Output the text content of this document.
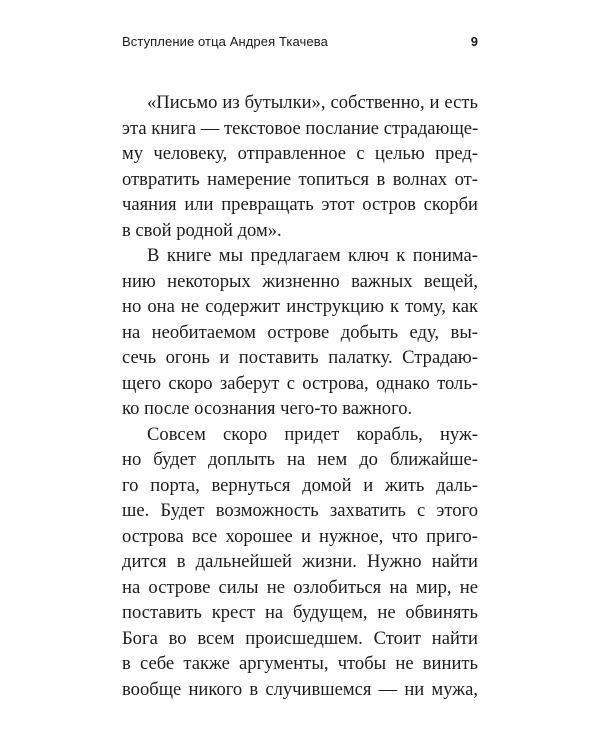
Вступление отца Андрея Ткачева	9
«Письмо из бутылки», собственно, и есть
эта книга — текстовое послание страдающе-
му человеку, отправленное с целью пред-
отвратить намерение топиться в волнах от-
чаяния или превращать этот остров скорби
в свой родной дом».
В книге мы предлагаем ключ к понима-
нию некоторых жизненно важных вещей,
но она не содержит инструкцию к тому, как
на необитаемом острове добыть еду, вы-
сечь огонь и поставить палатку. Страдаю-
щего скоро заберут с острова, однако толь-
ко после осознания чего-то важного.
Совсем скоро придет корабль, нуж-
но будет доплыть на нем до ближайше-
го порта, вернуться домой и жить даль-
ше. Будет возможность захватить с этого
острова все хорошее и нужное, что приго-
дится в дальнейшей жизни. Нужно найти
на острове силы не озлобиться на мир, не
поставить крест на будущем, не обвинять
Бога во всем происшедшем. Стоит найти
в себе также аргументы, чтобы не винить
вообще никого в случившемся — ни мужа,
